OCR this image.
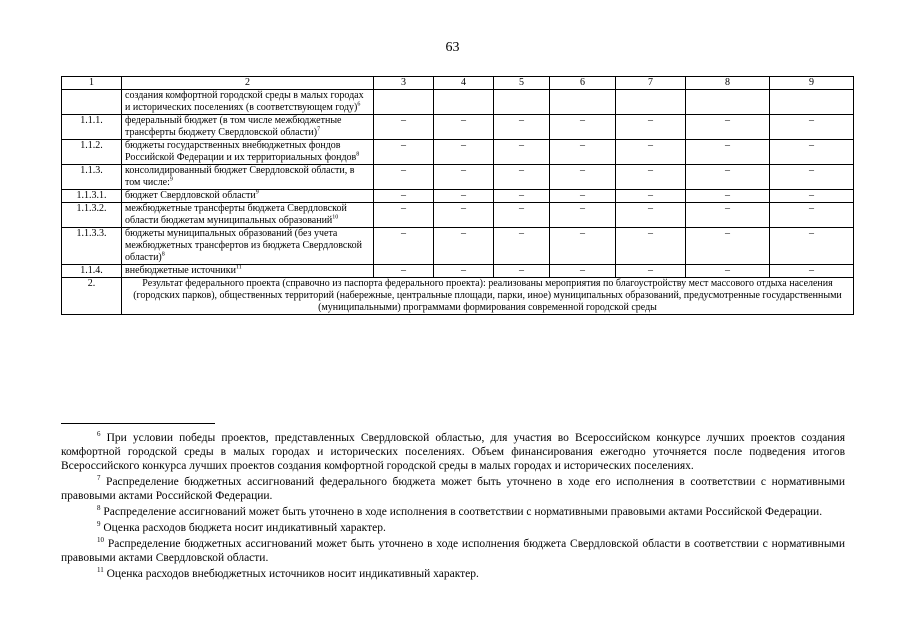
63
1	2	3	4	5	6	7	8	9
	создания комфортной городской среды в малых городах и исторических поселениях (в соответствующем году)$^6$							
1.1.1.	федеральный бюджет (в том числе межбюджетные трансферты бюджету Свердловской области)$^7$	–	–	–	–	–	–	–
1.1.2.	бюджеты государственных внебюджетных фондов Российской Федерации и их территориальных фондов$^8$	–	–	–	–	–	–	–
1.1.3.	консолидированный бюджет Свердловской области, в том числе:$^9$	–	–	–	–	–	–	–
1.1.3.1.	бюджет Свердловской области$^9$	–	–	–	–	–	–	–
1.1.3.2.	межбюджетные трансферты бюджета Свердловской области бюджетам муниципальных образований$^{10}$	–	–	–	–	–	–	–
1.1.3.3.	бюджеты муниципальных образований (без учета межбюджетных трансфертов из бюджета Свердловской области)$^8$	–	–	–	–	–	–	–
1.1.4.	внебюджетные источники$^{11}$	–	–	–	–	–	–	–
2.	Результат федерального проекта (справочно из паспорта федерального проекта): реализованы мероприятия по благоустройству мест массового отдыха населения (городских парков), общественных территорий (набережные, центральные площади, парки, иное) муниципальных образований, предусмотренные государственными (муниципальными) программами формирования современной городской среды							

$^6$ При условии победы проектов, представленных Свердловской областью, для участия во Всероссийском конкурсе лучших проектов создания комфортной городской среды в малых городах и исторических поселениях. Объем финансирования ежегодно уточняется после подведения итогов Всероссийского конкурса лучших проектов создания комфортной городской среды в малых городах и исторических поселениях.

$^7$ Распределение бюджетных ассигнований федерального бюджета может быть уточнено в ходе его исполнения в соответствии с нормативными правовыми актами Российской Федерации.

$^8$ Распределение ассигнований может быть уточнено в ходе исполнения в соответствии с нормативными правовыми актами Российской Федерации.

$^9$ Оценка расходов бюджета носит индикативный характер.

$^{10}$ Распределение бюджетных ассигнований может быть уточнено в ходе исполнения бюджета Свердловской области в соответствии с нормативными правовыми актами Свердловской области.

$^{11}$ Оценка расходов внебюджетных источников носит индикативный характер.
